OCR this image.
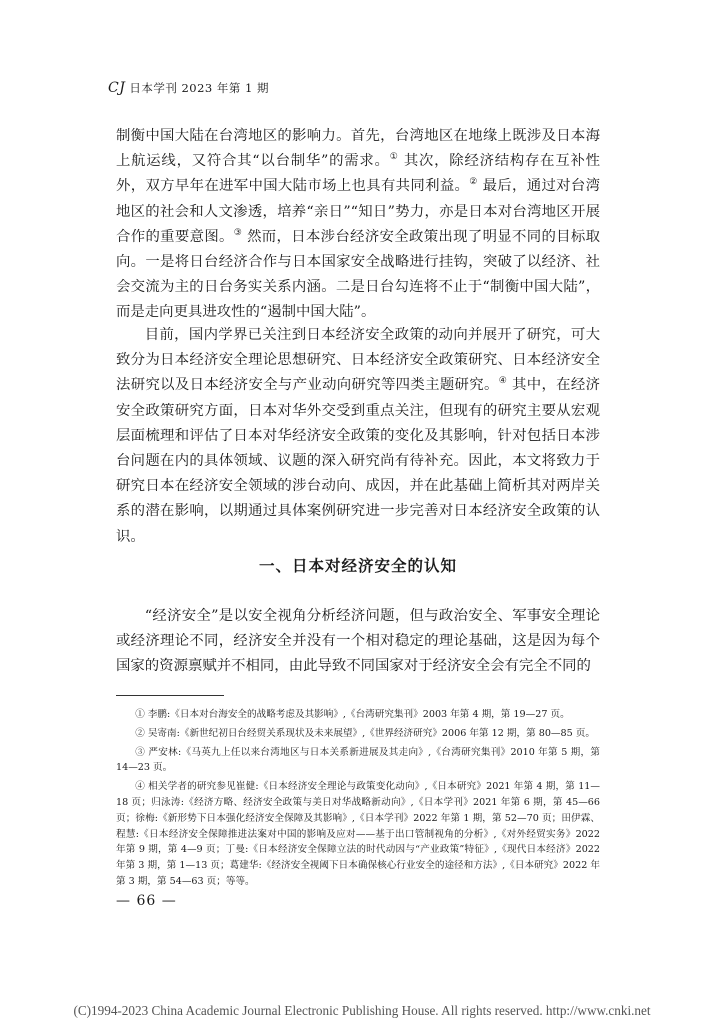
CJ 日本学刊 2023 年第 1 期
制衡中国大陆在台湾地区的影响力。首先，台湾地区在地缘上既涉及日本海上航运线，又符合其“以台制华”的需求。① 其次，除经济结构存在互补性外，双方早年在进军中国大陆市场上也具有共同利益。② 最后，通过对台湾地区的社会和人文渗透，培养“亲日”“知日”势力，亦是日本对台湾地区开展合作的重要意图。③ 然而，日本涉台经济安全政策出现了明显不同的目标取向。一是将日台经济合作与日本国家安全战略进行挂钩，突破了以经济、社会交流为主的日台务实关系内涵。二是日台勾连将不止于“制衡中国大陆”，而是走向更具进攻性的“遏制中国大陆”。
目前，国内学界已关注到日本经济安全政策的动向并展开了研究，可大致分为日本经济安全理论思想研究、日本经济安全政策研究、日本经济安全法研究以及日本经济安全与产业动向研究等四类主题研究。④ 其中，在经济安全政策研究方面，日本对华外交受到重点关注，但现有的研究主要从宏观层面梳理和评估了日本对华经济安全政策的变化及其影响，针对包括日本涉台问题在内的具体领域、议题的深入研究尚有待补充。因此，本文将致力于研究日本在经济安全领域的涉台动向、成因，并在此基础上简析其对两岸关系的潜在影响，以期通过具体案例研究进一步完善对日本经济安全政策的认识。
一、日本对经济安全的认知
“经济安全”是以安全视角分析经济问题，但与政治安全、军事安全理论或经济理论不同，经济安全并没有一个相对稳定的理论基础，这是因为每个国家的资源禀赋并不相同，由此导致不同国家对于经济安全会有完全不同的
① 李鹏:《日本对台海安全的战略考虑及其影响》,《台湾研究集刊》2003 年第 4 期，第 19—27 页。
② 吴寄南:《新世纪初日台经贸关系现状及未来展望》,《世界经济研究》2006 年第 12 期，第 80—85 页。
③ 严安林:《马英九上任以来台湾地区与日本关系新进展及其走向》,《台湾研究集刊》2010 年第 5 期，第 14—23 页。
④ 相关学者的研究参见崔健:《日本经济安全理论与政策变化动向》,《日本研究》2021 年第 4 期，第 11—18 页；归泳涛:《经济方略、经济安全政策与美日对华战略新动向》,《日本学刊》2021 年第 6 期，第 45—66 页；徐梅:《新形势下日本强化经济安全保障及其影响》,《日本学刊》2022 年第 1 期，第 52—70 页；田伊霖、程慧:《日本经济安全保障推进法案对中国的影响及应对——基于出口管制视角的分析》,《对外经贸实务》2022 年第 9 期，第 4—9 页；丁曼:《日本经济安全保障立法的时代动因与“产业政策”特征》,《现代日本经济》2022 年第 3 期，第 1—13 页；葛建华:《经济安全视阈下日本确保核心行业安全的途径和方法》,《日本研究》2022 年第 3 期，第 54—63 页；等等。
— 66 —
(C)1994-2023 China Academic Journal Electronic Publishing House. All rights reserved. http://www.cnki.net
